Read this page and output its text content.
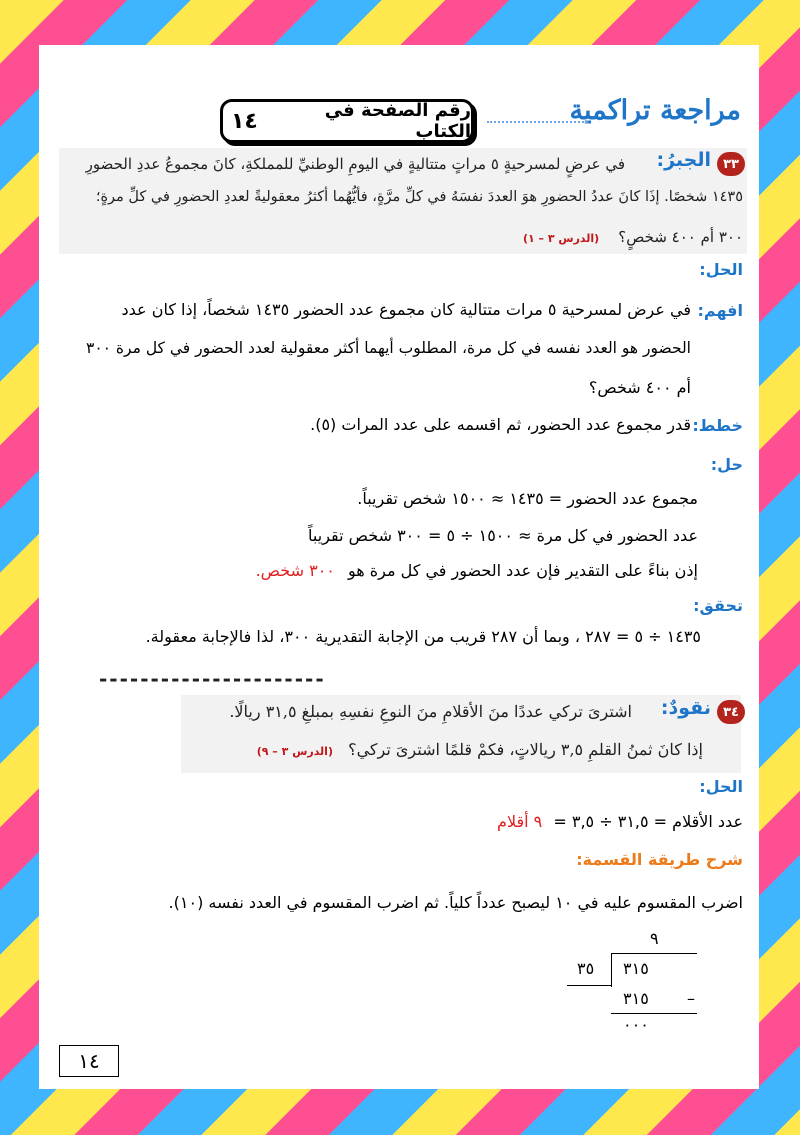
مراجعة تراكمية
رقم الصفحة في الكتاب
١٤
٣٣
الجبرُ:
في عرضٍ لمسرحيةٍ ٥ مراتٍ متتاليةٍ في اليومِ الوطنيِّ للمملكةِ، كانَ مجموعُ عددِ الحضورِ
١٤٣٥ شخصًا. إذَا كانَ عددُ الحضورِ هوَ العددَ نفسَهُ في كلِّ مرَّةٍ، فأيُّهُما أكثرُ معقوليةً لعددِ الحضورِ في كلِّ مرةٍ؛
٣٠٠ أم ٤٠٠ شخصٍ؟ (الدرس ٣ – ١)
الحل:
افهم:
في عرض لمسرحية ٥ مرات متتالية كان مجموع عدد الحضور ١٤٣٥ شخصاً، إذا كان عدد
الحضور هو العدد نفسه في كل مرة، المطلوب أيهما أكثر معقولية لعدد الحضور في كل مرة ٣٠٠
أم ٤٠٠ شخص؟
خطط:
قدر مجموع عدد الحضور، ثم اقسمه على عدد المرات (٥).
حل:
مجموع عدد الحضور = ١٤٣٥ ≈ ١٥٠٠ شخص تقريباً.
عدد الحضور في كل مرة ≈ ١٥٠٠ ÷ ٥ = ٣٠٠ شخص تقريباً
إذن بناءً على التقدير فإن عدد الحضور في كل مرة هو ٣٠٠ شخص.
تحقق:
١٤٣٥ ÷ ٥ = ٢٨٧ ، وبما أن ٢٨٧ قريب من الإجابة التقديرية ٣٠٠، لذا فالإجابة معقولة.
----------------------
٣٤
نقودٌ:
اشترىَ تركي عددًا منَ الأقلامِ منَ النوعِ نفسِهِ بمبلغِ ٣١,٥ ريالًا.
إذا كانَ ثمنُ القلمِ ٣,٥ ريالاتٍ، فكمْ قلمًا اشترىَ تركي؟ (الدرس ٣ – ٩)
الحل:
عدد الأقلام = ٣١,٥ ÷ ٣,٥ = ٩ أقلام
شرح طريقة القسمة:
اضرب المقسوم عليه في ١٠ ليصبح عدداً كلياً. ثم اضرب المقسوم في العدد نفسه (١٠).
٩
٣١٥
٣٥
٣١٥ –
٠٠٠
١٤
